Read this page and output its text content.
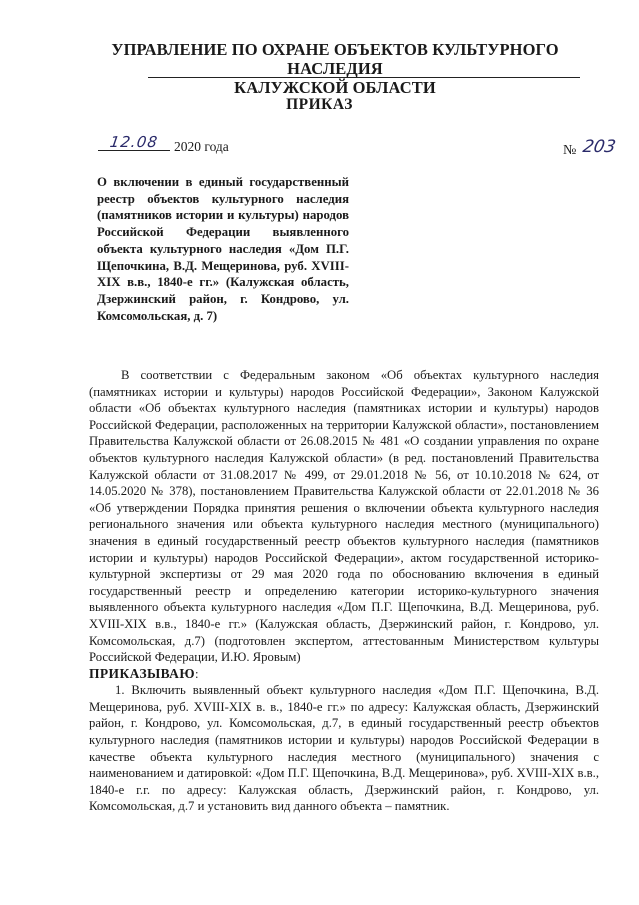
УПРАВЛЕНИЕ ПО ОХРАНЕ ОБЪЕКТОВ КУЛЬТУРНОГО НАСЛЕДИЯ
КАЛУЖСКОЙ ОБЛАСТИ
ПРИКАЗ
12.08 2020 года	№ 203
О включении в единый государственный реестр объектов культурного наследия (памятников истории и культуры) народов Российской Федерации выявленного объекта культурного наследия «Дом П.Г. Щепочкина, В.Д. Мещеринова, руб. XVIII-XIX в.в., 1840-е гг.» (Калужская область, Дзержинский район, г. Кондрово, ул. Комсомольская, д. 7)

В соответствии с Федеральным законом «Об объектах культурного наследия (памятниках истории и культуры) народов Российской Федерации», Законом Калужской области «Об объектах культурного наследия (памятниках истории и культуры) народов Российской Федерации, расположенных на территории Калужской области», постановлением Правительства Калужской области от 26.08.2015 № 481 «О создании управления по охране объектов культурного наследия Калужской области» (в ред. постановлений Правительства Калужской области от 31.08.2017 № 499, от 29.01.2018 № 56, от 10.10.2018 № 624, от 14.05.2020 № 378), постановлением Правительства Калужской области от 22.01.2018 № 36 «Об утверждении Порядка принятия решения о включении объекта культурного наследия регионального значения или объекта культурного наследия местного (муниципального) значения в единый государственный реестр объектов культурного наследия (памятников истории и культуры) народов Российской Федерации», актом государственной историко-культурной экспертизы от 29 мая 2020 года по обоснованию включения в единый государственный реестр и определению категории историко-культурного значения выявленного объекта культурного наследия «Дом П.Г. Щепочкина, В.Д. Мещеринова, руб. XVIII-XIX в.в., 1840-е гг.» (Калужская область, Дзержинский район, г. Кондрово, ул. Комсомольская, д.7) (подготовлен экспертом, аттестованным Министерством культуры Российской Федерации, И.Ю. Яровым)

ПРИКАЗЫВАЮ:

1. Включить выявленный объект культурного наследия «Дом П.Г. Щепочкина, В.Д. Мещеринова, руб. XVIII-XIX в. в., 1840-е гг.» по адресу: Калужская область, Дзержинский район, г. Кондрово, ул. Комсомольская, д.7, в единый государственный реестр объектов культурного наследия (памятников истории и культуры) народов Российской Федерации в качестве объекта культурного наследия местного (муниципального) значения с наименованием и датировкой: «Дом П.Г. Щепочкина, В.Д. Мещеринова», руб. XVIII-XIX в.в., 1840-е г.г. по адресу: Калужская область, Дзержинский район, г. Кондрово, ул. Комсомольская, д.7 и установить вид данного объекта – памятник.
